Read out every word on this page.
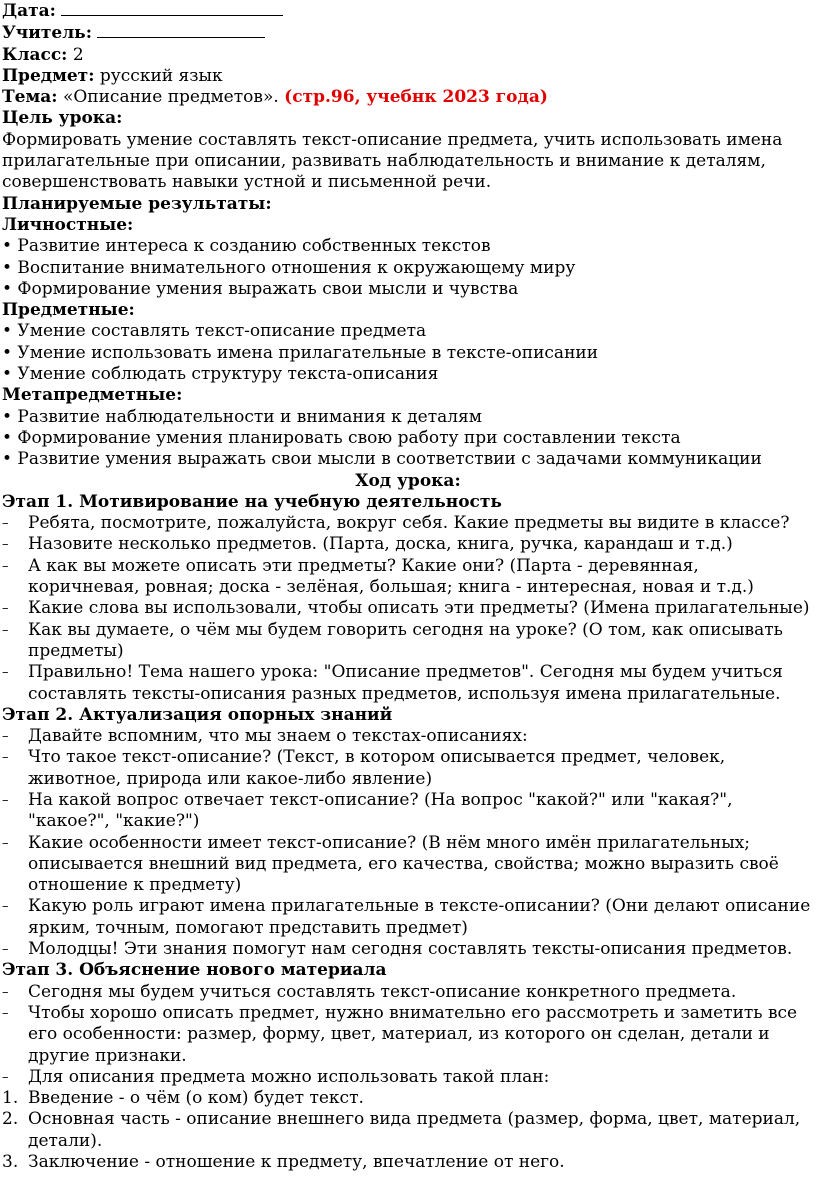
Дата:
Учитель:
Класс: 2
Предмет: русский язык
Тема: «Описание предметов». (стр.96, учебнк 2023 года)
Цель урока:

Формировать умение составлять текст-описание предмета, учить использовать имена прилагательные при описании, развивать наблюдательность и внимание к деталям, совершенствовать навыки устной и письменной речи.

Планируемые результаты:
Личностные:
• Развитие интереса к созданию собственных текстов
• Воспитание внимательного отношения к окружающему миру
• Формирование умения выражать свои мысли и чувства
Предметные:
• Умение составлять текст-описание предмета
• Умение использовать имена прилагательные в тексте-описании
• Умение соблюдать структуру текста-описания
Метапредметные:
• Развитие наблюдательности и внимания к деталям
• Формирование умения планировать свою работу при составлении текста
• Развитие умения выражать свои мысли в соответствии с задачами коммуникации
Ход урока:
Этап 1. Мотивирование на учебную деятельность
–	Ребята, посмотрите, пожалуйста, вокруг себя. Какие предметы вы видите в классе?
–	Назовите несколько предметов. (Парта, доска, книга, ручка, карандаш и т.д.)
–	А как вы можете описать эти предметы? Какие они? (Парта - деревянная, коричневая, ровная; доска - зелёная, большая; книга - интересная, новая и т.д.)
–	Какие слова вы использовали, чтобы описать эти предметы? (Имена прилагательные)
–	Как вы думаете, о чём мы будем говорить сегодня на уроке? (О том, как описывать предметы)
–	Правильно! Тема нашего урока: "Описание предметов". Сегодня мы будем учиться составлять тексты-описания разных предметов, используя имена прилагательные.
Этап 2. Актуализация опорных знаний
–	Давайте вспомним, что мы знаем о текстах-описаниях:
–	Что такое текст-описание? (Текст, в котором описывается предмет, человек, животное, природа или какое-либо явление)
–	На какой вопрос отвечает текст-описание? (На вопрос "какой?" или "какая?", "какое?", "какие?")
–	Какие особенности имеет текст-описание? (В нём много имён прилагательных; описывается внешний вид предмета, его качества, свойства; можно выразить своё отношение к предмету)
–	Какую роль играют имена прилагательные в тексте-описании? (Они делают описание ярким, точным, помогают представить предмет)
–	Молодцы! Эти знания помогут нам сегодня составлять тексты-описания предметов.
Этап 3. Объяснение нового материала
–	Сегодня мы будем учиться составлять текст-описание конкретного предмета.
–	Чтобы хорошо описать предмет, нужно внимательно его рассмотреть и заметить все его особенности: размер, форму, цвет, материал, из которого он сделан, детали и другие признаки.
–	Для описания предмета можно использовать такой план:
1. Введение - о чём (о ком) будет текст.
2. Основная часть - описание внешнего вида предмета (размер, форма, цвет, материал, детали).
3. Заключение - отношение к предмету, впечатление от него.
